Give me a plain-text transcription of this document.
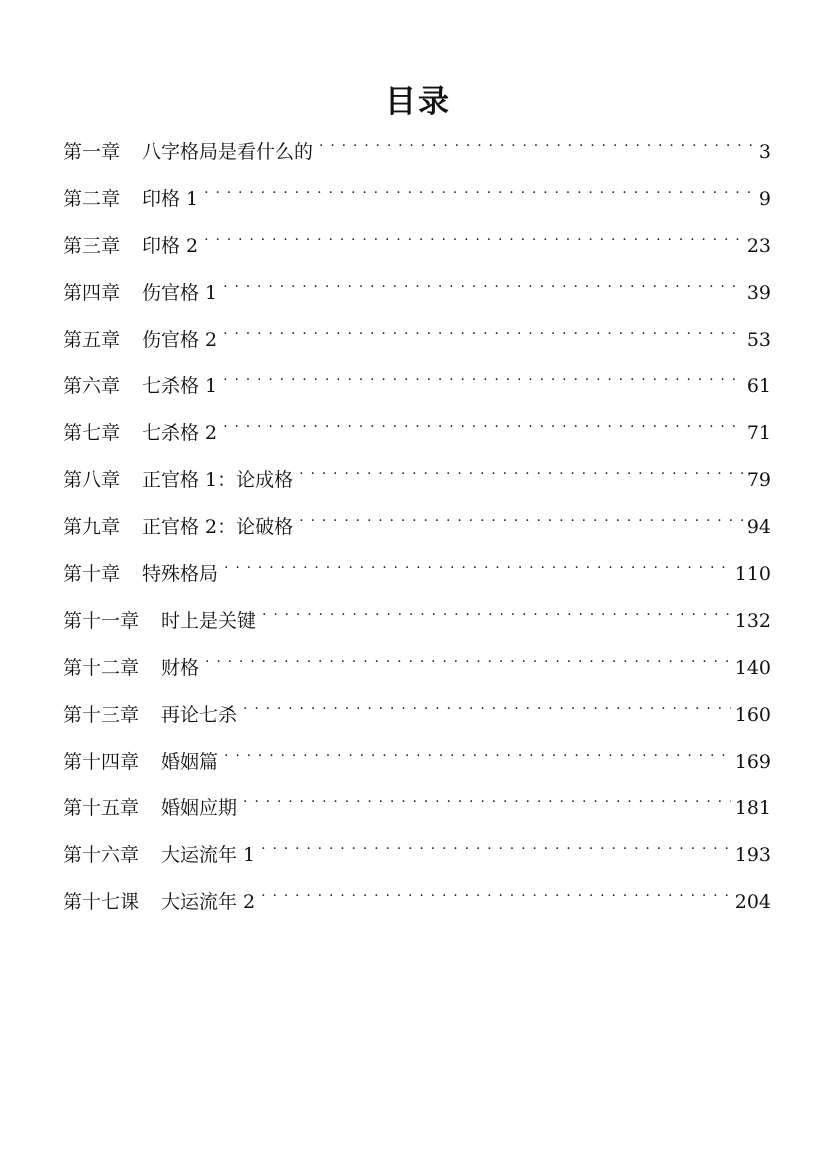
目录
第一章 八字格局是看什么的 . . .	3
第二章 印格 1 . . .	9
第三章 印格 2 . . .	23
第四章 伤官格 1 . . .	39
第五章 伤官格 2 . . .	53
第六章 七杀格 1 . . .	61
第七章 七杀格 2 . . .	71
第八章 正官格 1：论成格 . . .	79
第九章 正官格 2：论破格 . . .	94
第十章 特殊格局 . . .	110
第十一章 时上是关键 . . .	132
第十二章 财格 . . .	140
第十三章 再论七杀 . . .	160
第十四章 婚姻篇 . . .	169
第十五章 婚姻应期 . . .	181
第十六章 大运流年 1 . . .	193
第十七课 大运流年 2 . . .	204
